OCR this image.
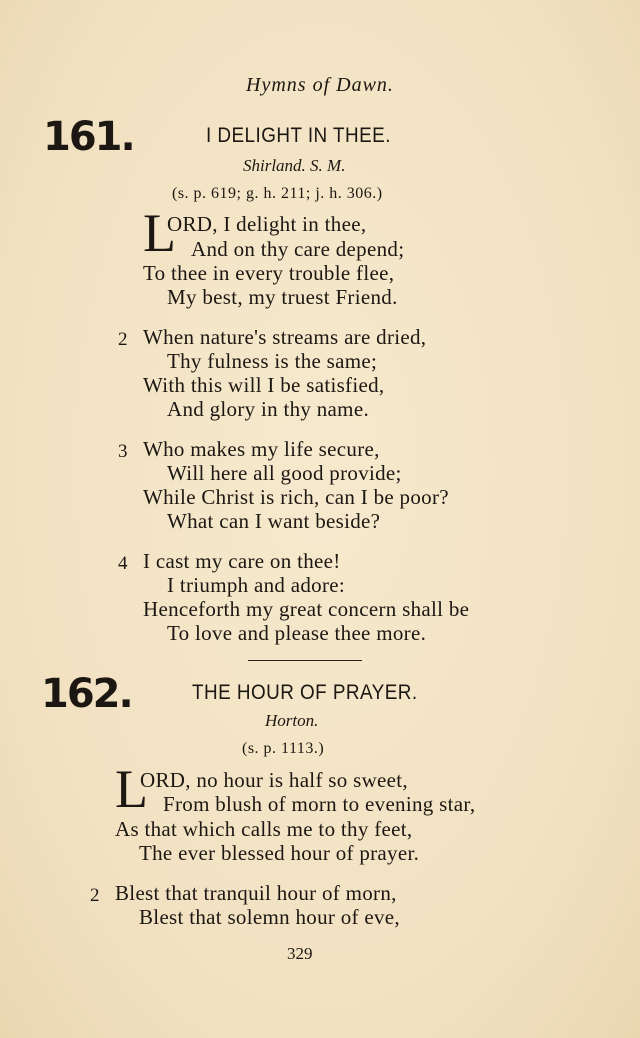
Hymns of Dawn.
161.	I DELIGHT IN THEE.
Shirland. S. M.
(s. p. 619; g. h. 211; j. h. 306.)
L
ORD, I delight in thee,
And on thy care depend;
To thee in every trouble flee,
My best, my truest Friend.
2 When nature's streams are dried,
Thy fulness is the same;
With this will I be satisfied,
And glory in thy name.
3 Who makes my life secure,
Will here all good provide;
While Christ is rich, can I be poor?
What can I want beside?
4 I cast my care on thee!
I triumph and adore:
Henceforth my great concern shall be
To love and please thee more.
162.	THE HOUR OF PRAYER.
Horton.
(s. p. 1113.)
L
ORD, no hour is half so sweet,
From blush of morn to evening star,
As that which calls me to thy feet,
The ever blessed hour of prayer.
2 Blest that tranquil hour of morn,
Blest that solemn hour of eve,
329
